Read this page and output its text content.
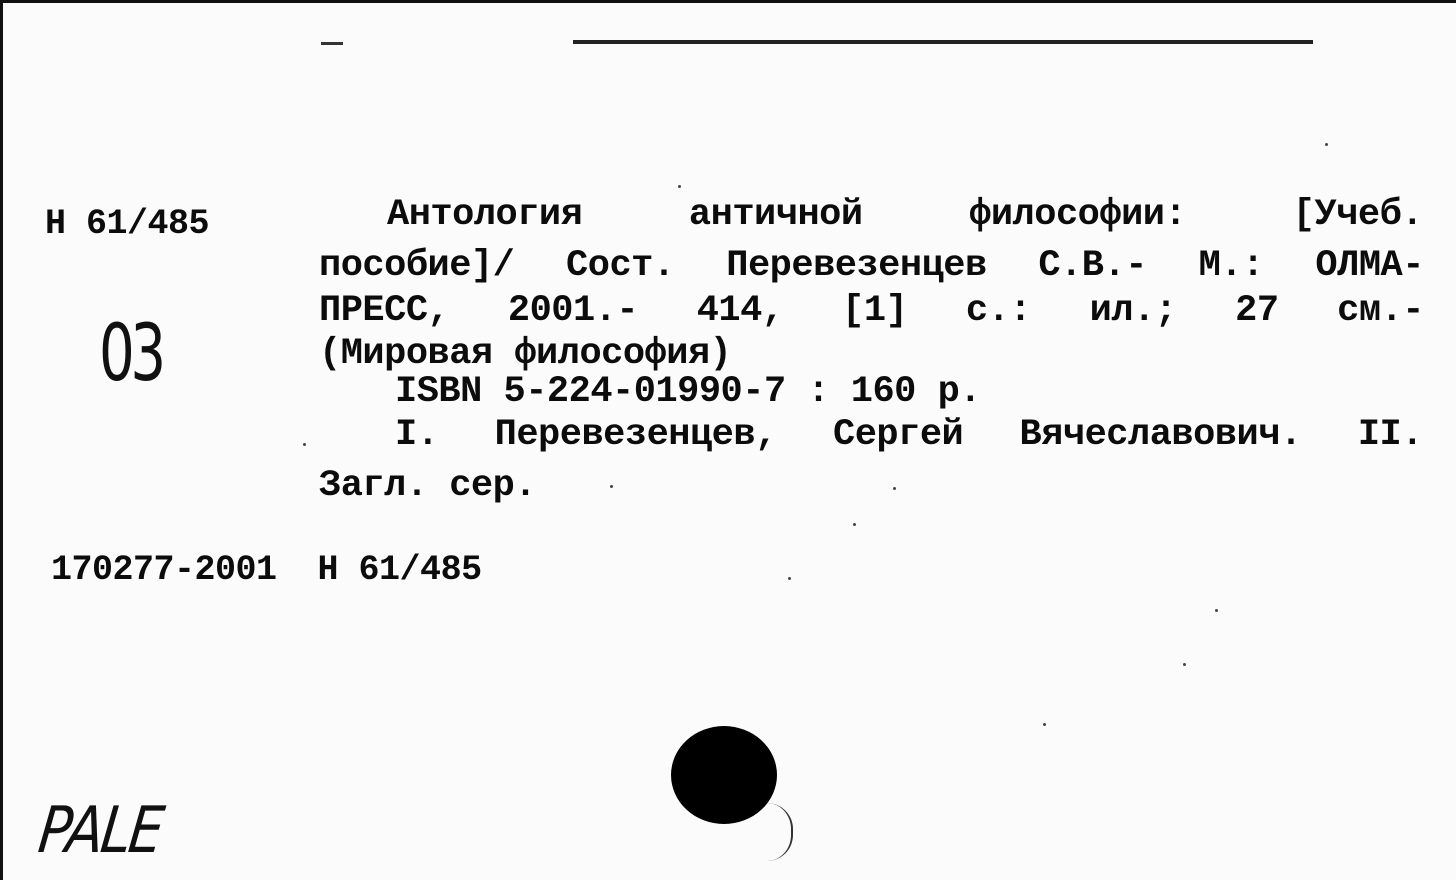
Н 61/485
03
Антология	античной	философии:	[Учеб.
пособие]/ Сост. Перевезенцев С.В.- М.: ОЛМА-
ПРЕСС, 2001.- 414, [1] с.: ил.; 27 см.-
(Мировая философия)
ISBN 5-224-01990-7 : 160 р.
I. Перевезенцев, Сергей Вячеславович. II.
Загл. сер.
170277-2001  Н 61/485
PALE
